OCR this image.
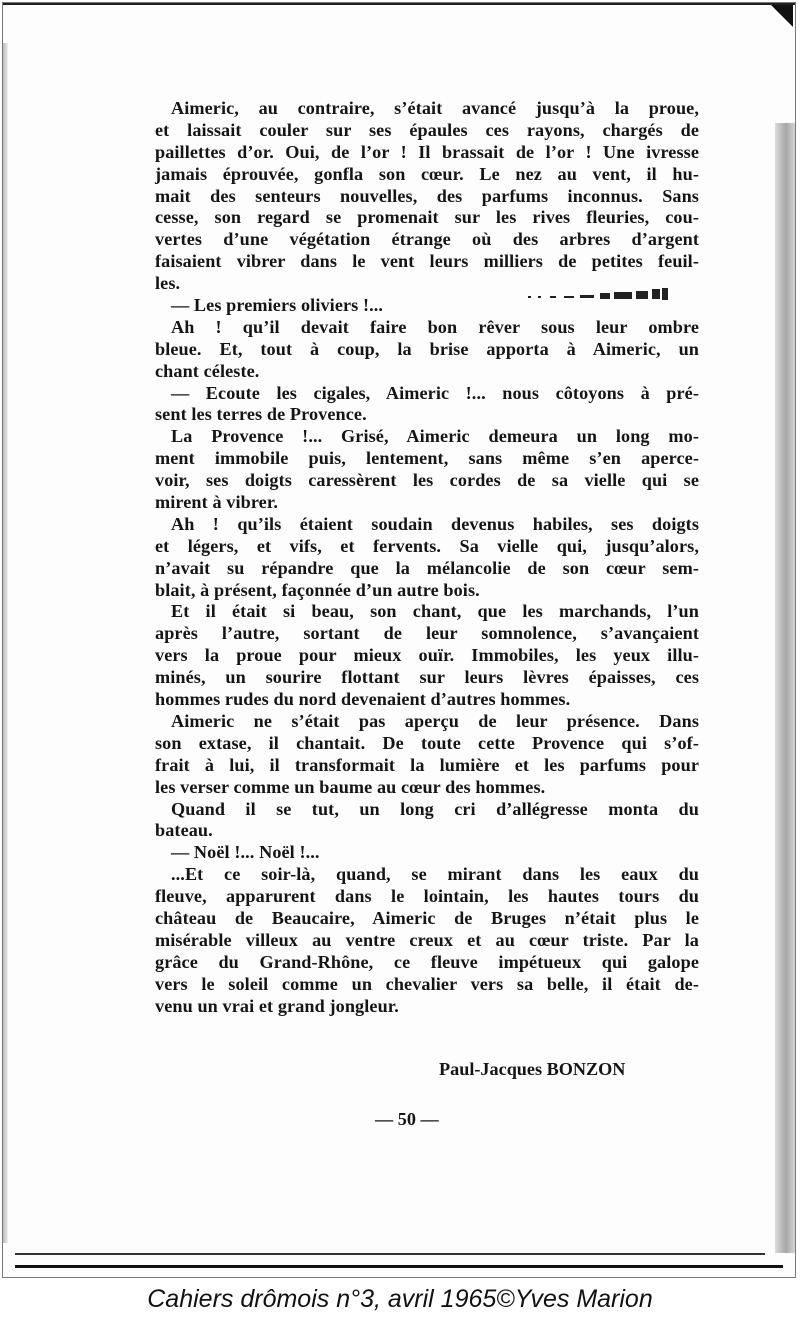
Aimeric, au contraire, s’était avancé jusqu’à la proue,
et laissait couler sur ses épaules ces rayons, chargés de
paillettes d’or. Oui, de l’or ! Il brassait de l’or ! Une ivresse
jamais éprouvée, gonfla son cœur. Le nez au vent, il hu-
mait des senteurs nouvelles, des parfums inconnus. Sans
cesse, son regard se promenait sur les rives fleuries, cou-
vertes d’une végétation étrange où des arbres d’argent
faisaient vibrer dans le vent leurs milliers de petites feuil-
les.
— Les premiers oliviers !...
Ah ! qu’il devait faire bon rêver sous leur ombre
bleue. Et, tout à coup, la brise apporta à Aimeric, un
chant céleste.
— Ecoute les cigales, Aimeric !... nous côtoyons à pré-
sent les terres de Provence.
La Provence !... Grisé, Aimeric demeura un long mo-
ment immobile puis, lentement, sans même s’en aperce-
voir, ses doigts caressèrent les cordes de sa vielle qui se
mirent à vibrer.
Ah ! qu’ils étaient soudain devenus habiles, ses doigts
et légers, et vifs, et fervents. Sa vielle qui, jusqu’alors,
n’avait su répandre que la mélancolie de son cœur sem-
blait, à présent, façonnée d’un autre bois.
Et il était si beau, son chant, que les marchands, l’un
après l’autre, sortant de leur somnolence, s’avançaient
vers la proue pour mieux ouïr. Immobiles, les yeux illu-
minés, un sourire flottant sur leurs lèvres épaisses, ces
hommes rudes du nord devenaient d’autres hommes.
Aimeric ne s’était pas aperçu de leur présence. Dans
son extase, il chantait. De toute cette Provence qui s’of-
frait à lui, il transformait la lumière et les parfums pour
les verser comme un baume au cœur des hommes.
Quand il se tut, un long cri d’allégresse monta du
bateau.
— Noël !... Noël !...
...Et ce soir-là, quand, se mirant dans les eaux du
fleuve, apparurent dans le lointain, les hautes tours du
château de Beaucaire, Aimeric de Bruges n’était plus le
misérable villeux au ventre creux et au cœur triste. Par la
grâce du Grand-Rhône, ce fleuve impétueux qui galope
vers le soleil comme un chevalier vers sa belle, il était de-
venu un vrai et grand jongleur.
Paul-Jacques BONZON
— 50 —
Cahiers drômois n°3, avril 1965©Yves Marion
